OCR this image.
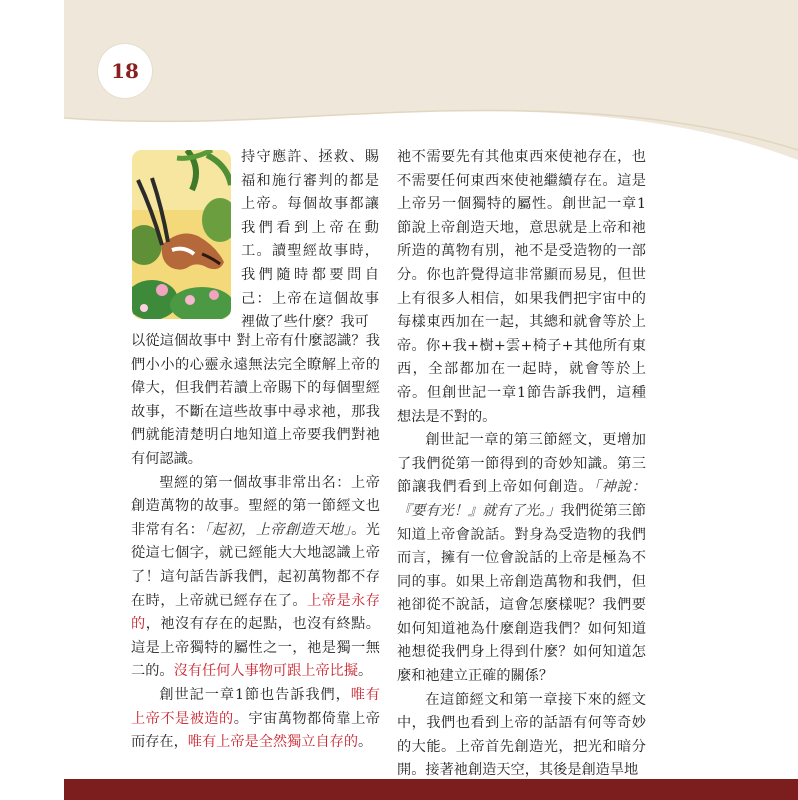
18

持守應許、拯救、賜福和施行審判的都是上帝。每個故事都讓我們看到上帝在動工。讀聖經故事時，我們隨時都要問自己：上帝在這個故事裡做了些什麼？我可

以從這個故事中 對上帝有什麼認識？我們小小的心靈永遠無法完全瞭解上帝的偉大，但我們若讀上帝賜下的每個聖經故事，不斷在這些故事中尋求祂，那我們就能清楚明白地知道上帝要我們對祂有何認識。

聖經的第一個故事非常出名：上帝創造萬物的故事。聖經的第一節經文也非常有名：「起初，上帝創造天地」。光從這七個字，就已經能大大地認識上帝了！這句話告訴我們，起初萬物都不存在時，上帝就已經存在了。上帝是永存的，祂沒有存在的起點，也沒有終點。這是上帝獨特的屬性之一，祂是獨一無二的。沒有任何人事物可跟上帝比擬。

創世記一章1節也告訴我們，唯有上帝不是被造的。宇宙萬物都倚靠上帝而存在，唯有上帝是全然獨立自存的。

祂不需要先有其他東西來使祂存在，也不需要任何東西來使祂繼續存在。這是上帝另一個獨特的屬性。創世記一章1節說上帝創造天地，意思就是上帝和祂所造的萬物有別，祂不是受造物的一部分。你也許覺得這非常顯而易見，但世上有很多人相信，如果我們把宇宙中的每樣東西加在一起，其總和就會等於上帝。你+我+樹+雲+椅子+其他所有東西，全部都加在一起時，就會等於上帝。但創世記一章1節告訴我們，這種想法是不對的。

創世記一章的第三節經文，更增加了我們從第一節得到的奇妙知識。第三節讓我們看到上帝如何創造。「神說：『要有光！』就有了光。」我們從第三節知道上帝會說話。對身為受造物的我們而言，擁有一位會說話的上帝是極為不同的事。如果上帝創造萬物和我們，但祂卻從不說話，這會怎麼樣呢？我們要如何知道祂為什麼創造我們？如何知道祂想從我們身上得到什麼？如何知道怎麼和祂建立正確的關係？

在這節經文和第一章接下來的經文中，我們也看到上帝的話語有何等奇妙的大能。上帝首先創造光，把光和暗分開。接著祂創造天空，其後是創造旱地
